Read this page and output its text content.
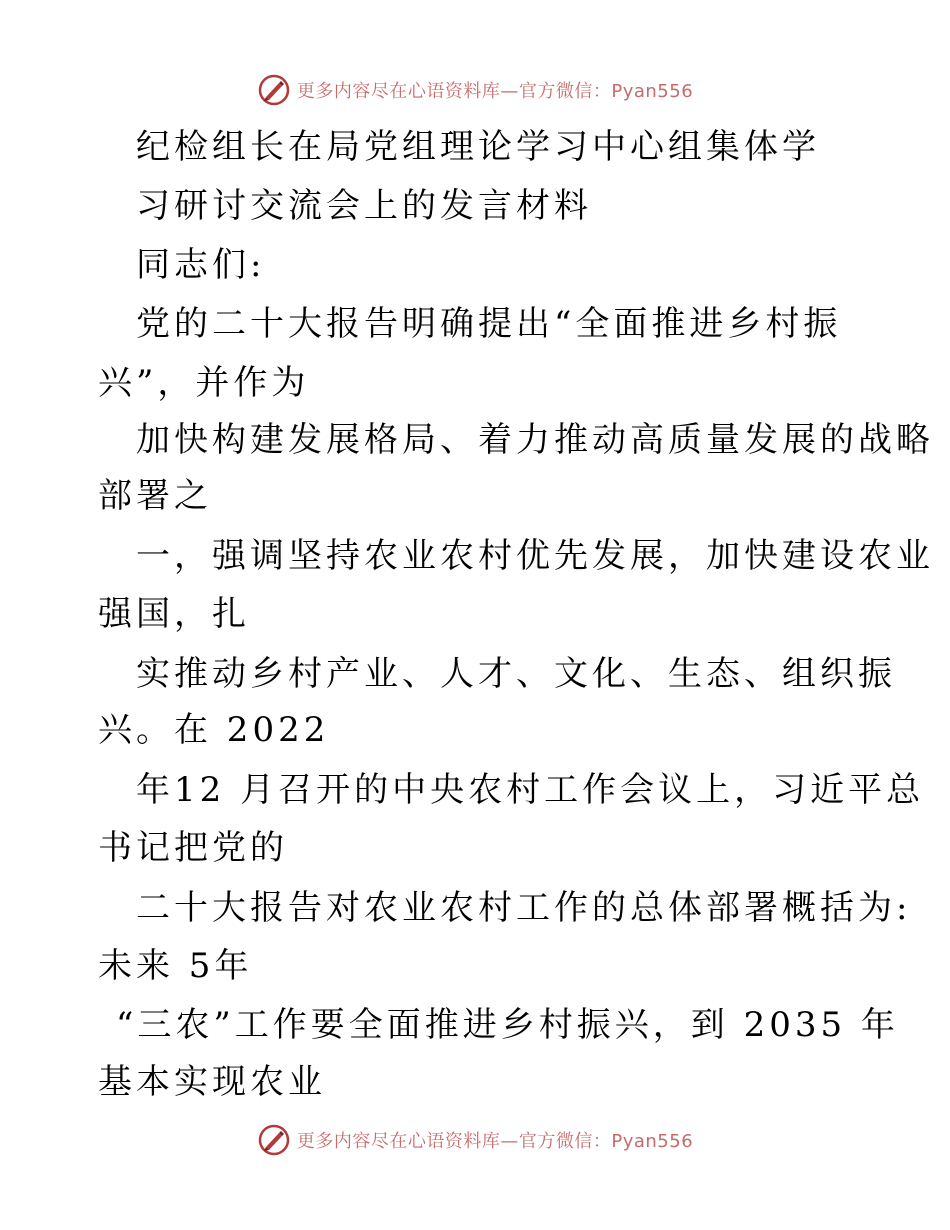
更多内容尽在心语资料库—官方微信：Pyan556
纪检组长在局党组理论学习中心组集体学
习研讨交流会上的发言材料
同志们:
党的二十大报告明确提出“全面推进乡村振
兴”，并作为
加快构建发展格局、着力推动高质量发展的战略
部署之
一，强调坚持农业农村优先发展，加快建设农业
强国，扎
实推动乡村产业、人才、文化、生态、组织振
兴。在 2022
年12 月召开的中央农村工作会议上，习近平总
书记把党的
二十大报告对农业农村工作的总体部署概括为:
未来 5年
“三农”工作要全面推进乡村振兴，到 2035 年
基本实现农业
更多内容尽在心语资料库—官方微信：Pyan556
